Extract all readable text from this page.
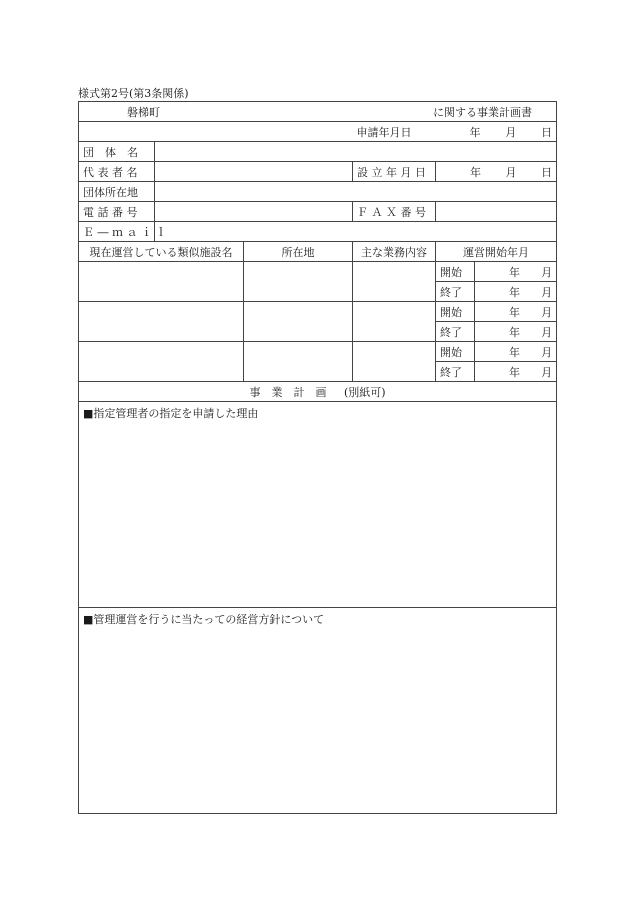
様式第2号(第3条関係)
磐梯町 に関する事業計画書					

			申請年月日	年 月 日	

団　体　名					
代 表 者 名			設 立 年 月 日	年 月 日	

団体所在地					
電 話 番 号			Ｆ Ａ Ｘ 番 号		
Ｅ ― ｍ ａ ｉ ｌ					
現在運営している類似施設名		所在地	主な業務内容	運営開始年月	
				開始	年 月

				終了	年 月

				開始	年 月

				終了	年 月

				開始	年 月

				終了	年 月

事　業　計　画 (別紙可)					
■指定管理者の指定を申請した理由					
■管理運営を行うに当たっての経営方針について					
